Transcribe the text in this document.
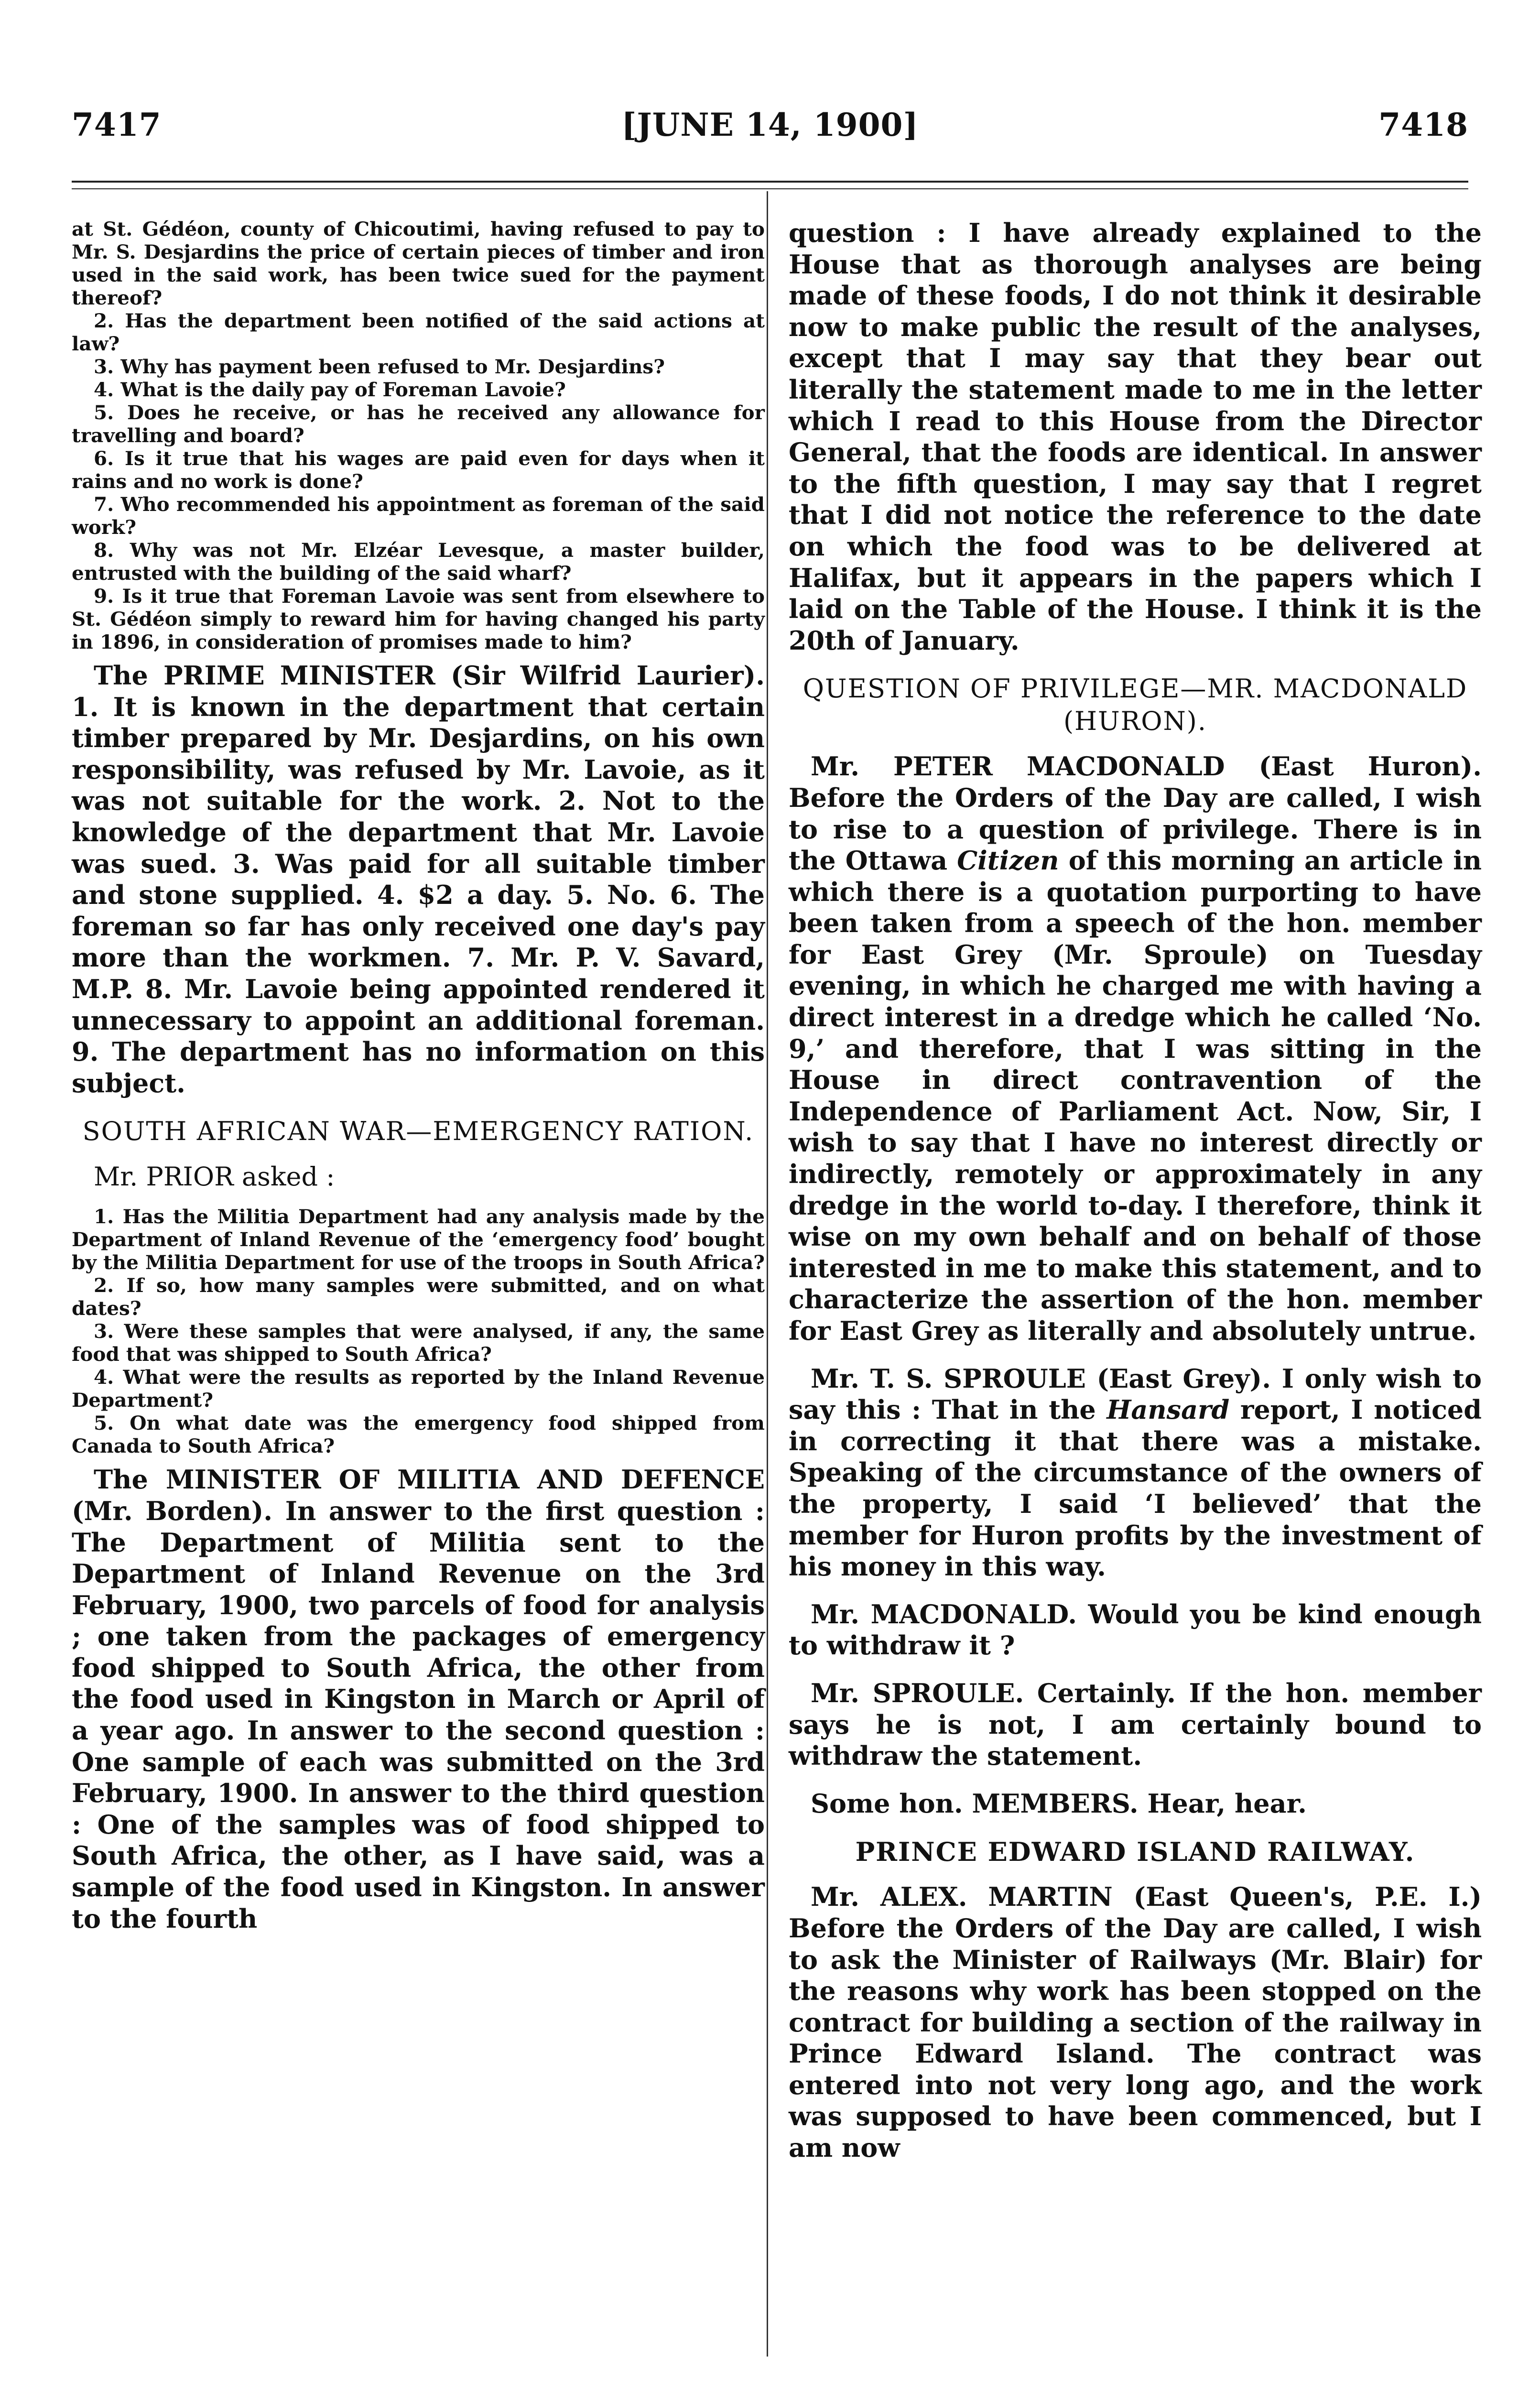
7417	[JUNE 14, 1900]	7418

at St. Gédéon, county of Chicoutimi, having refused to pay to Mr. S. Desjardins the price of certain pieces of timber and iron used in the said work, has been twice sued for the payment thereof?

2. Has the department been notified of the said actions at law?

3. Why has payment been refused to Mr. Desjardins?

4. What is the daily pay of Foreman Lavoie?

5. Does he receive, or has he received any allowance for travelling and board?

6. Is it true that his wages are paid even for days when it rains and no work is done?

7. Who recommended his appointment as foreman of the said work?

8. Why was not Mr. Elzéar Levesque, a master builder, entrusted with the building of the said wharf?

9. Is it true that Foreman Lavoie was sent from elsewhere to St. Gédéon simply to reward him for having changed his party in 1896, in consideration of promises made to him?

The PRIME MINISTER (Sir Wilfrid Laurier). 1. It is known in the department that certain timber prepared by Mr. Desjardins, on his own responsibility, was refused by Mr. Lavoie, as it was not suitable for the work. 2. Not to the knowledge of the department that Mr. Lavoie was sued. 3. Was paid for all suitable timber and stone supplied. 4. $2 a day. 5. No. 6. The foreman so far has only received one day's pay more than the workmen. 7. Mr. P. V. Savard, M.P. 8. Mr. Lavoie being appointed rendered it unnecessary to appoint an additional foreman. 9. The department has no information on this subject.

SOUTH AFRICAN WAR—EMERGENCY RATION.

Mr. PRIOR asked :

1. Has the Militia Department had any analysis made by the Department of Inland Revenue of the ‘emergency food’ bought by the Militia Department for use of the troops in South Africa?

2. If so, how many samples were submitted, and on what dates?

3. Were these samples that were analysed, if any, the same food that was shipped to South Africa?

4. What were the results as reported by the Inland Revenue Department?

5. On what date was the emergency food shipped from Canada to South Africa?

The MINISTER OF MILITIA AND DEFENCE (Mr. Borden). In answer to the first question : The Department of Militia sent to the Department of Inland Revenue on the 3rd February, 1900, two parcels of food for analysis ; one taken from the packages of emergency food shipped to South Africa, the other from the food used in Kingston in March or April of a year ago. In answer to the second question : One sample of each was submitted on the 3rd February, 1900. In answer to the third question : One of the samples was of food shipped to South Africa, the other, as I have said, was a sample of the food used in Kingston. In answer to the fourth

question : I have already explained to the House that as thorough analyses are being made of these foods, I do not think it desirable now to make public the result of the analyses, except that I may say that they bear out literally the statement made to me in the letter which I read to this House from the Director General, that the foods are identical. In answer to the fifth question, I may say that I regret that I did not notice the reference to the date on which the food was to be delivered at Halifax, but it appears in the papers which I laid on the Table of the House. I think it is the 20th of January.

QUESTION OF PRIVILEGE—MR. MACDONALD (HURON).

Mr. PETER MACDONALD (East Huron). Before the Orders of the Day are called, I wish to rise to a question of privilege. There is in the Ottawa Citizen of this morning an article in which there is a quotation purporting to have been taken from a speech of the hon. member for East Grey (Mr. Sproule) on Tuesday evening, in which he charged me with having a direct interest in a dredge which he called ‘No. 9,’ and therefore, that I was sitting in the House in direct contravention of the Independence of Parliament Act. Now, Sir, I wish to say that I have no interest directly or indirectly, remotely or approximately in any dredge in the world to-day. I therefore, think it wise on my own behalf and on behalf of those interested in me to make this statement, and to characterize the assertion of the hon. member for East Grey as literally and absolutely untrue.

Mr. T. S. SPROULE (East Grey). I only wish to say this : That in the Hansard report, I noticed in correcting it that there was a mistake. Speaking of the circumstance of the owners of the property, I said ‘I believed’ that the member for Huron profits by the investment of his money in this way.

Mr. MACDONALD. Would you be kind enough to withdraw it ?

Mr. SPROULE. Certainly. If the hon. member says he is not, I am certainly bound to withdraw the statement.

Some hon. MEMBERS. Hear, hear.

PRINCE EDWARD ISLAND RAILWAY.

Mr. ALEX. MARTIN (East Queen's, P.E. I.) Before the Orders of the Day are called, I wish to ask the Minister of Railways (Mr. Blair) for the reasons why work has been stopped on the contract for building a section of the railway in Prince Edward Island. The contract was entered into not very long ago, and the work was supposed to have been commenced, but I am now
